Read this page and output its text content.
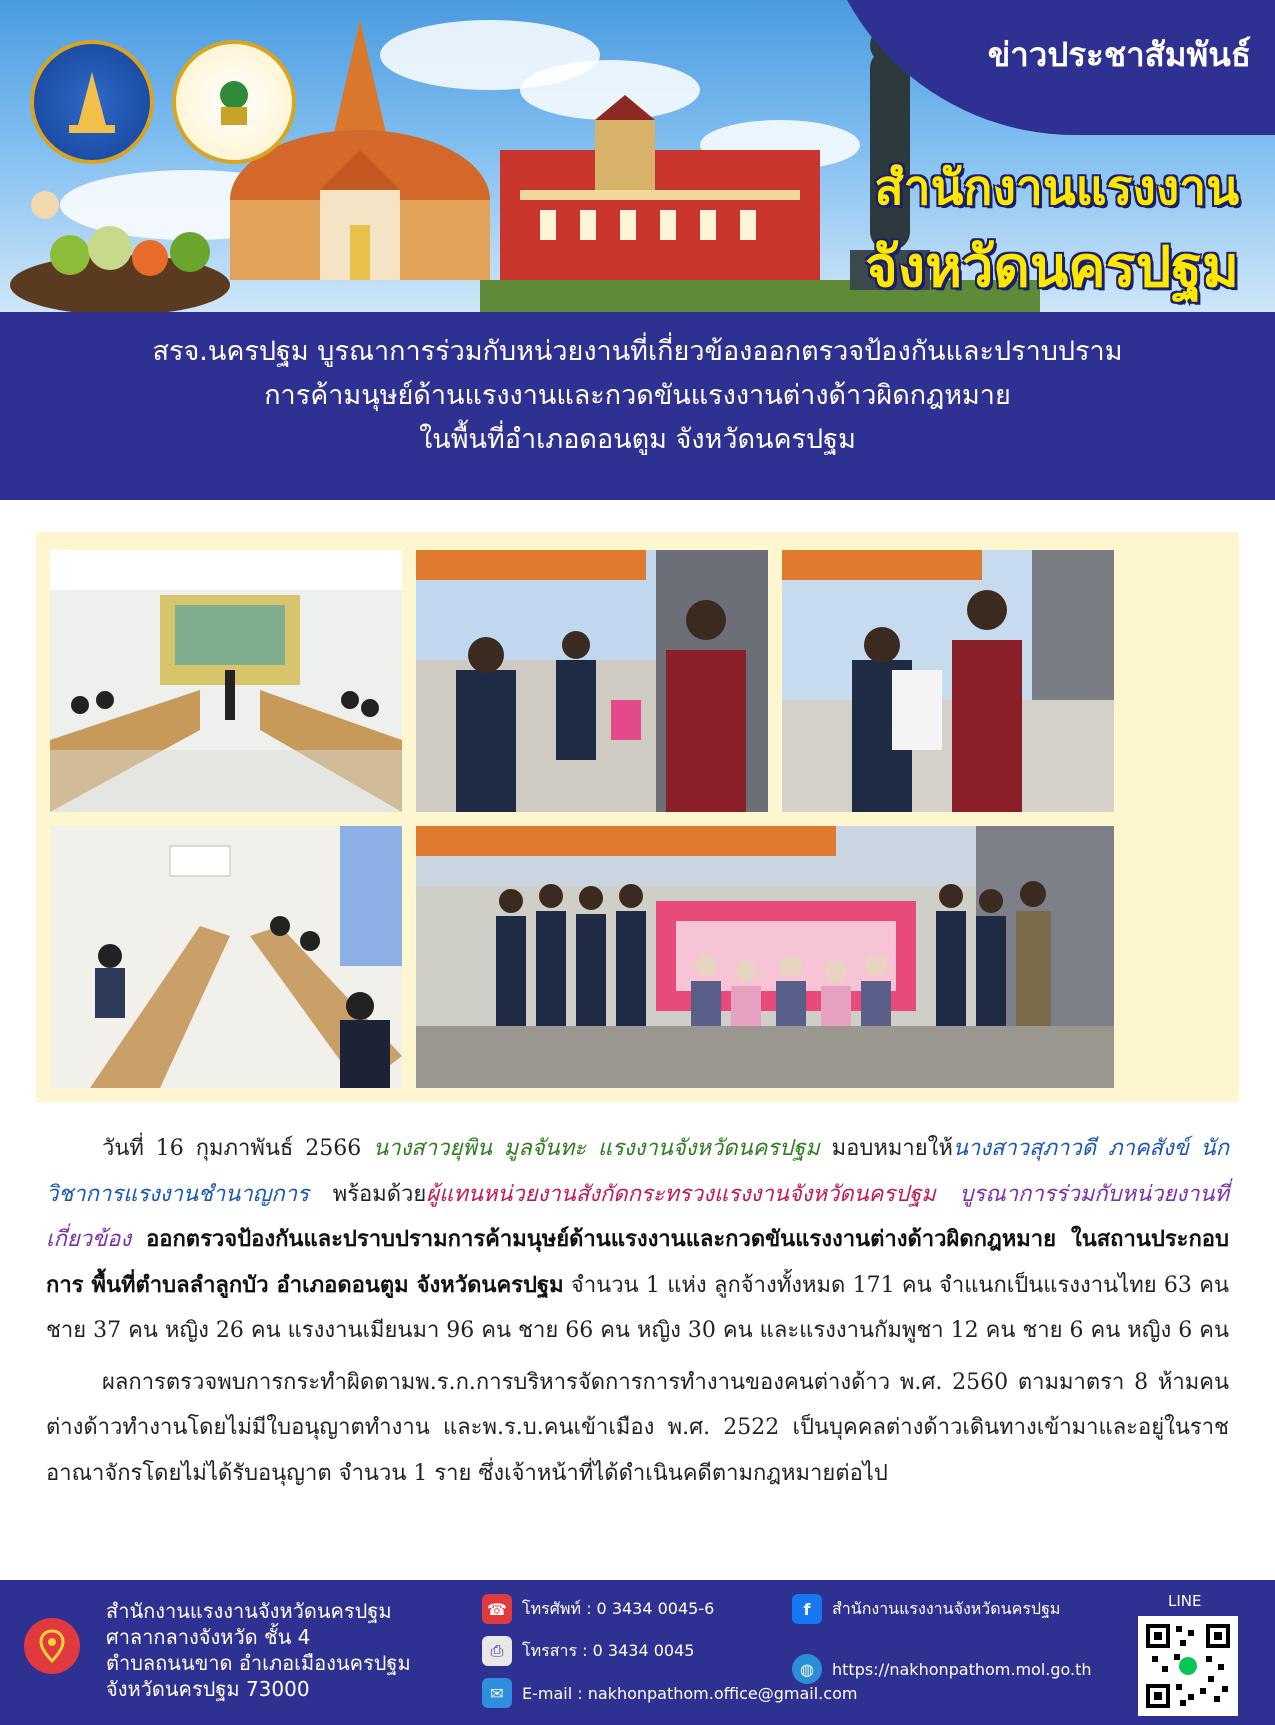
ข่าวประชาสัมพันธ์
สำนักงานแรงงาน
จังหวัดนครปฐม

สรจ.นครปฐม บูรณาการร่วมกับหน่วยงานที่เกี่ยวข้องออกตรวจป้องกันและปราบปราม

การค้ามนุษย์ด้านแรงงานและกวดขันแรงงานต่างด้าวผิดกฎหมาย

ในพื้นที่อำเภอดอนตูม จังหวัดนครปฐม

วันที่ 16 กุมภาพันธ์ 2566 นางสาวยุพิน มูลจันทะ แรงงานจังหวัดนครปฐม มอบหมายให้นางสาวสุภาวดี ภาคสังข์ นักวิชาการแรงงานชำนาญการ พร้อมด้วยผู้แทนหน่วยงานสังกัดกระทรวงแรงงานจังหวัดนครปฐม บูรณาการร่วมกับหน่วยงานที่เกี่ยวข้อง ออกตรวจป้องกันและปราบปรามการค้ามนุษย์ด้านแรงงานและกวดขันแรงงานต่างด้าวผิดกฎหมาย ในสถานประกอบการ พื้นที่ตำบลลำลูกบัว อำเภอดอนตูม จังหวัดนครปฐม จำนวน 1 แห่ง ลูกจ้างทั้งหมด 171 คน จำแนกเป็นแรงงานไทย 63 คน ชาย 37 คน หญิง 26 คน แรงงานเมียนมา 96 คน ชาย 66 คน หญิง 30 คน และแรงงานกัมพูชา 12 คน ชาย 6 คน หญิง 6 คน

ผลการตรวจพบการกระทำผิดตามพ.ร.ก.การบริหารจัดการการทำงานของคนต่างด้าว พ.ศ. 2560 ตามมาตรา 8 ห้ามคนต่างด้าวทำงานโดยไม่มีใบอนุญาตทำงาน และพ.ร.บ.คนเข้าเมือง พ.ศ. 2522 เป็นบุคคลต่างด้าวเดินทางเข้ามาและอยู่ในราชอาณาจักรโดยไม่ได้รับอนุญาต จำนวน 1 ราย ซึ่งเจ้าหน้าที่ได้ดำเนินคดีตามกฎหมายต่อไป

สำนักงานแรงงานจังหวัดนครปฐม
ศาลากลางจังหวัด ชั้น 4
ตำบลถนนขาด อำเภอเมืองนครปฐม
จังหวัดนครปฐม 73000
☎ โทรศัพท์ : 0 3434 0045-6
⎙	โทรสาร : 0 3434 0045
✉	E-mail : nakhonpathom.office@gmail.com
f	สำนักงานแรงงานจังหวัดนครปฐม
◍	https://nakhonpathom.mol.go.th
LINE
